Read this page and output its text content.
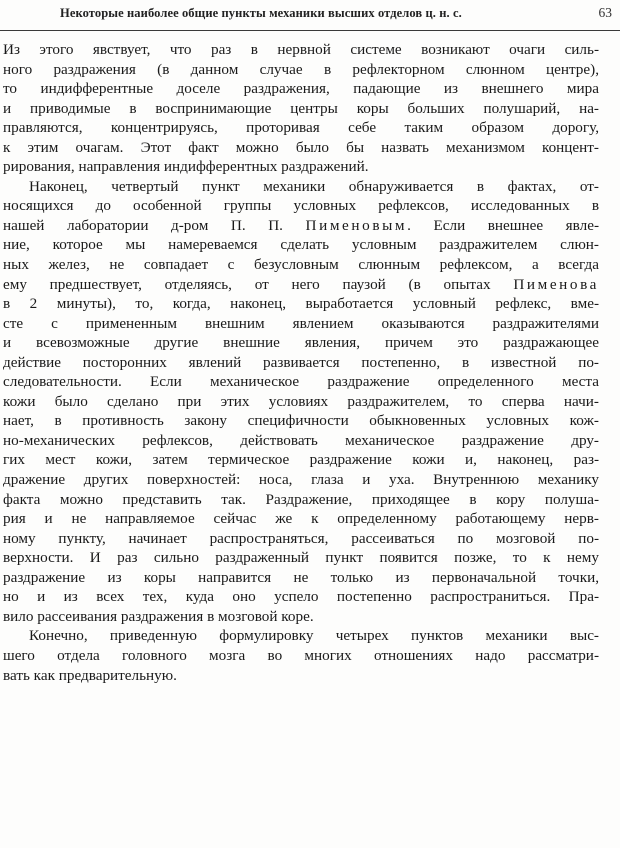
Некоторые наиболее общие пункты механики высших отделов ц. н. с.	63
Из этого явствует, что раз в нервной системе возникают очаги силь-
ного раздражения (в данном случае в рефлекторном слюнном центре),
то индифферентные доселе раздражения, падающие из внешнего мира
и приводимые в воспринимающие центры коры больших полушарий, на-
правляются, концентрируясь, проторивая себе таким образом дорогу,
к этим очагам. Этот факт можно было бы назвать механизмом концент-
рирования, направления индифферентных раздражений.
Наконец, четвертый пункт механики обнаруживается в фактах, от-
носящихся до особенной группы условных рефлексов, исследованных в
нашей лаборатории д-ром П. П. Пименовым. Если внешнее явле-
ние, которое мы намереваемся сделать условным раздражителем слюн-
ных желез, не совпадает с безусловным слюнным рефлексом, а всегда
ему предшествует, отделяясь, от него паузой (в опытах Пименова
в 2 минуты), то, когда, наконец, выработается условный рефлекс, вме-
сте с примененным внешним явлением оказываются раздражителями
и всевозможные другие внешние явления, причем это раздражающее
действие посторонних явлений развивается постепенно, в известной по-
следовательности. Если механическое раздражение определенного места
кожи было сделано при этих условиях раздражителем, то сперва начи-
нает, в противность закону специфичности обыкновенных условных кож-
но-механических рефлексов, действовать механическое раздражение дру-
гих мест кожи, затем термическое раздражение кожи и, наконец, раз-
дражение других поверхностей: носа, глаза и уха. Внутреннюю механику
факта можно представить так. Раздражение, приходящее в кору полуша-
рия и не направляемое сейчас же к определенному работающему нерв-
ному пункту, начинает распространяться, рассеиваться по мозговой по-
верхности. И раз сильно раздраженный пункт появится позже, то к нему
раздражение из коры направится не только из первоначальной точки,
но и из всех тех, куда оно успело постепенно распространиться. Пра-
вило рассеивания раздражения в мозговой коре.
Конечно, приведенную формулировку четырех пунктов механики выс-
шего отдела головного мозга во многих отношениях надо рассматри-
вать как предварительную.
